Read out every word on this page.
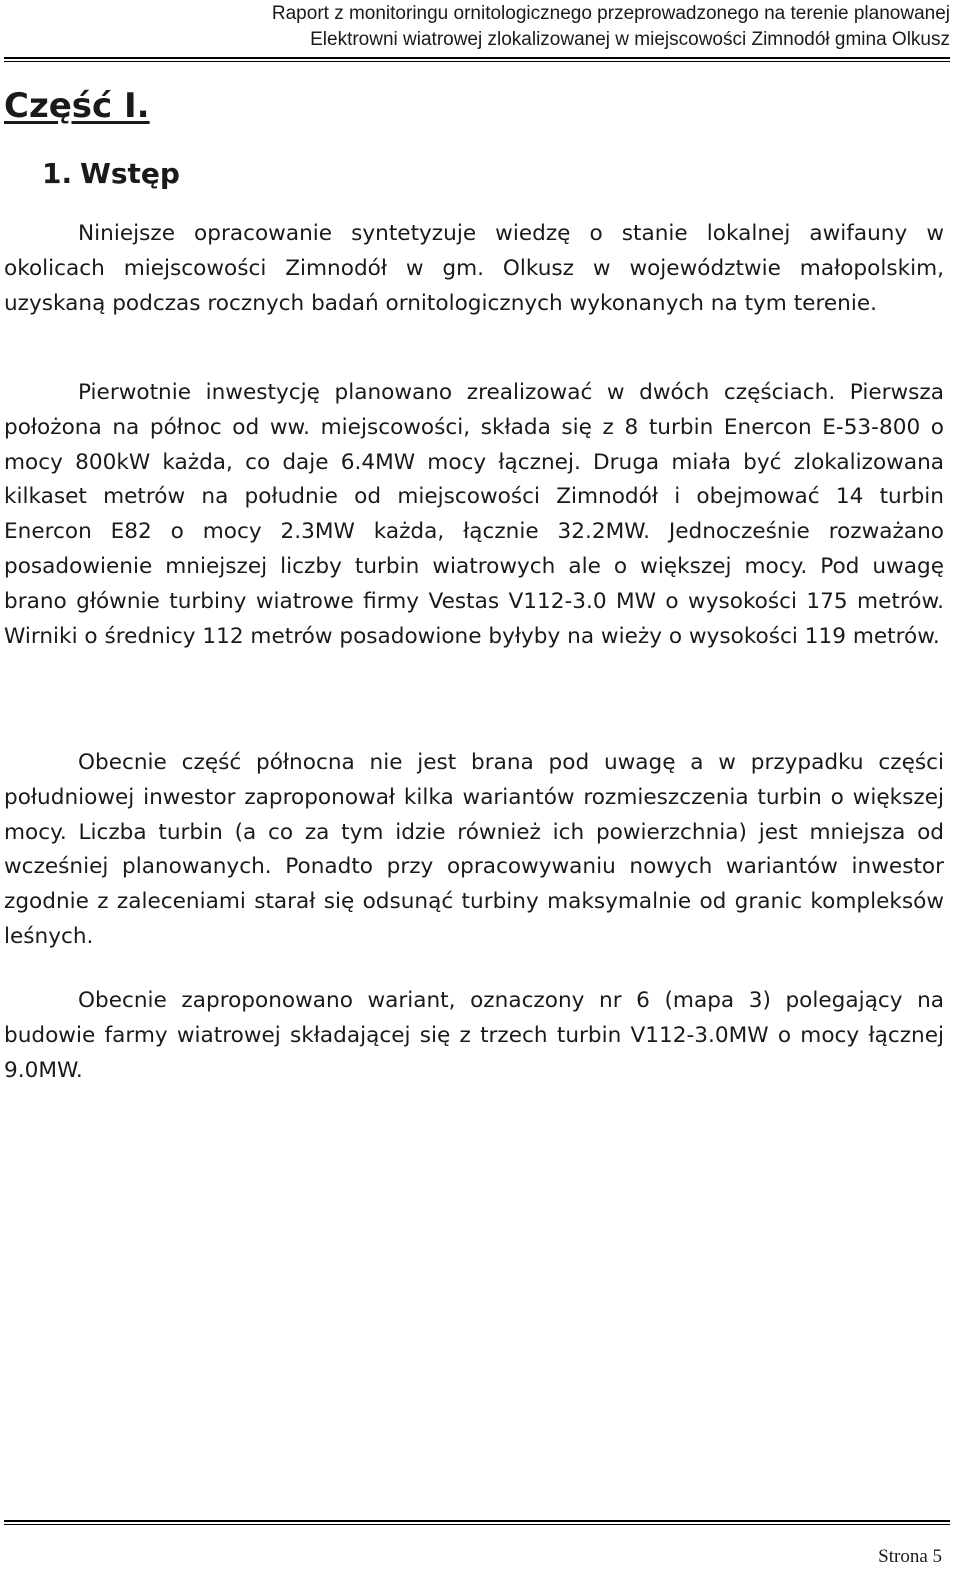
Raport z monitoringu ornitologicznego przeprowadzonego na terenie planowanej
Elektrowni wiatrowej zlokalizowanej w miejscowości Zimnodół gmina Olkusz
Część I.
1. Wstęp

Niniejsze opracowanie syntetyzuje wiedzę o stanie lokalnej awifauny w okolicach miejscowości Zimnodół w gm. Olkusz w województwie małopolskim, uzyskaną podczas rocznych badań ornitologicznych wykonanych na tym terenie.

Pierwotnie inwestycję planowano zrealizować w dwóch częściach. Pierwsza położona na północ od ww. miejscowości, składa się z 8 turbin Enercon E-53-800 o mocy 800kW każda, co daje 6.4MW mocy łącznej. Druga miała być zlokalizowana kilkaset metrów na południe od miejscowości Zimnodół i obejmować 14 turbin Enercon E82 o mocy 2.3MW każda, łącznie 32.2MW. Jednocześnie rozważano posadowienie mniejszej liczby turbin wiatrowych ale o większej mocy. Pod uwagę brano głównie turbiny wiatrowe firmy Vestas V112-3.0 MW o wysokości 175 metrów. Wirniki o średnicy 112 metrów posadowione byłyby na wieży o wysokości 119 metrów.

Obecnie część północna nie jest brana pod uwagę a w przypadku części południowej inwestor zaproponował kilka wariantów rozmieszczenia turbin o większej mocy. Liczba turbin (a co za tym idzie również ich powierzchnia) jest mniejsza od wcześniej planowanych. Ponadto przy opracowywaniu nowych wariantów inwestor zgodnie z zaleceniami starał się odsunąć turbiny maksymalnie od granic kompleksów leśnych.

Obecnie zaproponowano wariant, oznaczony nr 6 (mapa 3) polegający na budowie farmy wiatrowej składającej się z trzech turbin V112-3.0MW o mocy łącznej 9.0MW.

Strona 5
